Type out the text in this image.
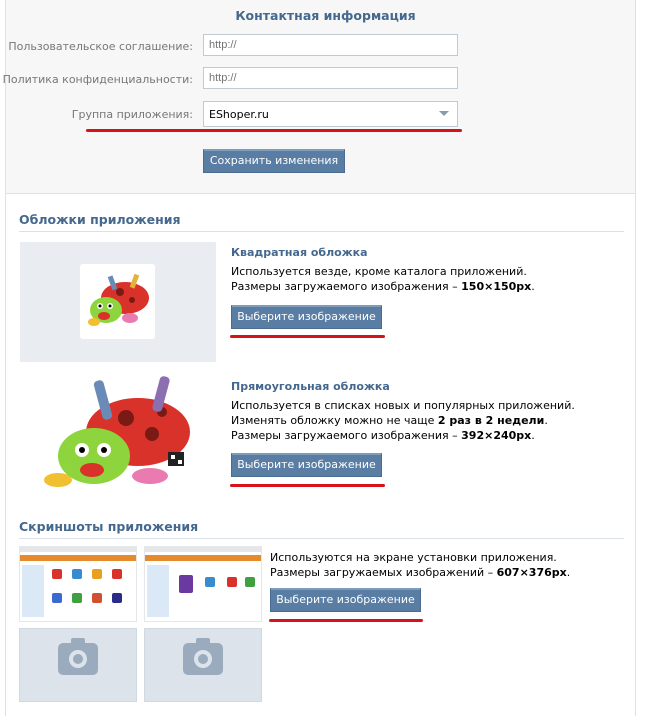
Контактная информация
Пользовательское соглашение:
http://
Политика конфиденциальности:
http://
Группа приложения:	EShoper.ru
Сохранить изменения
Обложки приложения
Квадратная обложка
Используется везде, кроме каталога приложений.
Размеры загружаемого изображения – 150×150px.
Выберите изображение
Прямоугольная обложка
Используется в списках новых и популярных приложений.
Изменять обложку можно не чаще 2 раз в 2 недели.
Размеры загружаемого изображения – 392×240px.
Выберите изображение
Скриншоты приложения
Используются на экране установки приложения.
Размеры загружаемых изображений – 607×376px.
Выберите изображение
